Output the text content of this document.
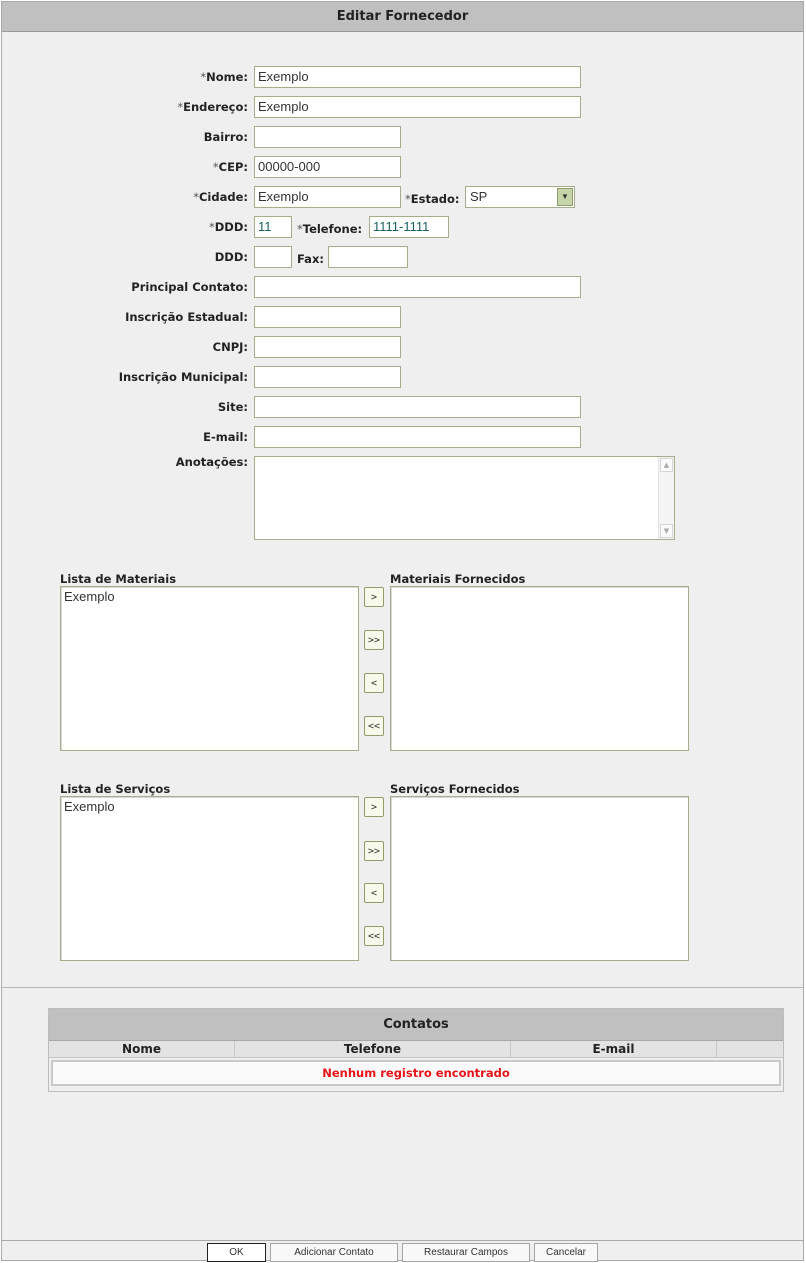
Editar Fornecedor
*Nome: Exemplo
*Endereço: Exemplo
Bairro:
*CEP: 00000-000
*Cidade: Exemplo	*Estado: SP	▼
*DDD: 11	*Telefone: 1111-1111
DDD:	Fax:
Principal Contato:
Inscrição Estadual:
CNPJ:
Inscrição Municipal:
Site:
E-mail:
Anotações:	▲
▼
Lista de Materiais	Materiais Fornecidos
Exemplo	>
>>
<
<<
Lista de Serviços	Serviços Fornecidos
Exemplo	>
>>
<
<<
Contatos
Nome	Telefone	E-mail
Nenhum registro encontrado
OK	Adicionar Contato	Restaurar Campos	Cancelar
